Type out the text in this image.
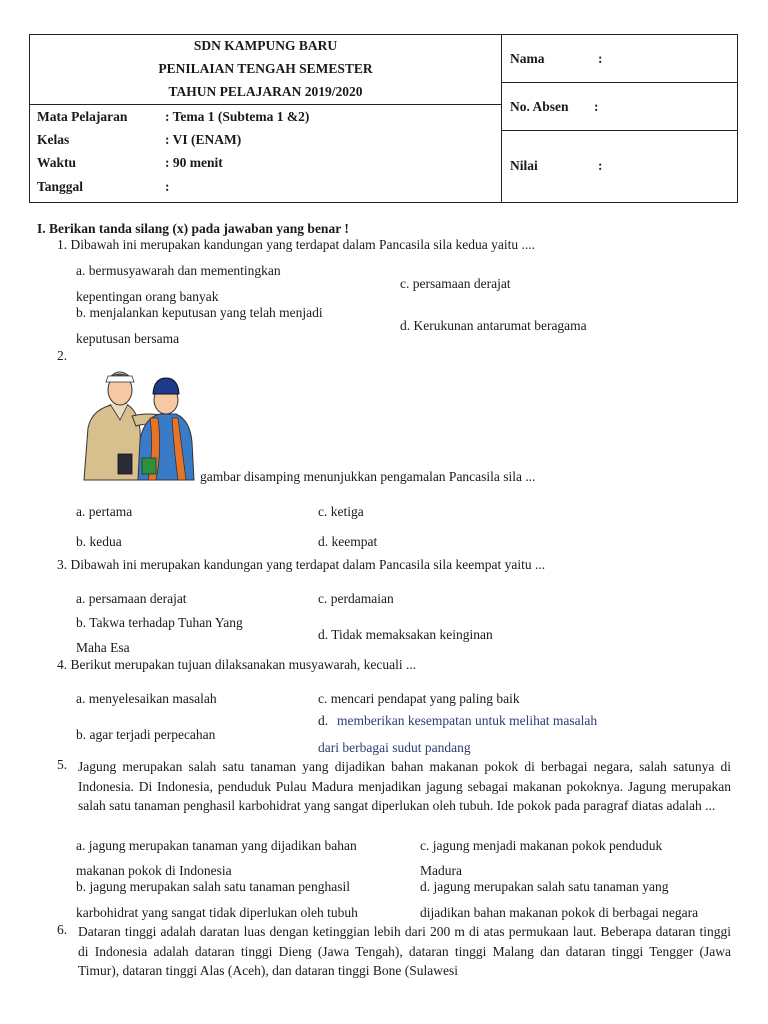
SDN KAMPUNG BARU
PENILAIAN TENGAH SEMESTER
TAHUN PELAJARAN 2019/2020
Mata Pelajaran	: Tema 1 (Subtema 1 &2)
Kelas	: VI (ENAM)
Waktu	: 90 menit
Tanggal	:
Nama	:
No. Absen :
Nilai	:
I. Berikan tanda silang (x) pada jawaban yang benar !
1. Dibawah ini merupakan kandungan yang terdapat dalam Pancasila sila kedua yaitu ....
a. bermusyawarah dan mementingkan
kepentingan orang banyak
b. menjalankan keputusan yang telah menjadi
keputusan bersama
c. persamaan derajat
d. Kerukunan antarumat beragama
2.
gambar disamping menunjukkan pengamalan Pancasila sila ...
a. pertama
b. kedua
c. ketiga
d. keempat
3. Dibawah ini merupakan kandungan yang terdapat dalam Pancasila sila keempat yaitu ...
a. persamaan derajat
b. Takwa terhadap Tuhan Yang
Maha Esa
c. perdamaian
d. Tidak memaksakan keinginan
4. Berikut merupakan tujuan dilaksanakan musyawarah, kecuali ...
a. menyelesaikan masalah
b. agar terjadi perpecahan
c. mencari pendapat yang paling baik
d. memberikan kesempatan untuk melihat masalah
dari berbagai sudut pandang
5. Jagung merupakan salah satu tanaman yang dijadikan bahan makanan pokok di berbagai negara, salah satunya di Indonesia. Di Indonesia, penduduk Pulau Madura menjadikan jagung sebagai makanan pokoknya. Jagung merupakan salah satu tanaman penghasil karbohidrat yang sangat diperlukan oleh tubuh. Ide pokok pada paragraf diatas adalah ...
a. jagung merupakan tanaman yang dijadikan bahan
makanan pokok di Indonesia
b. jagung merupakan salah satu tanaman penghasil
karbohidrat yang sangat tidak diperlukan oleh tubuh
c. jagung menjadi makanan pokok penduduk
Madura
d. jagung merupakan salah satu tanaman yang
dijadikan bahan makanan pokok di berbagai negara
6. Dataran tinggi adalah daratan luas dengan ketinggian lebih dari 200 m di atas permukaan laut. Beberapa dataran tinggi di Indonesia adalah dataran tinggi Dieng (Jawa Tengah), dataran tinggi Malang dan dataran tinggi Tengger (Jawa Timur), dataran tinggi Alas (Aceh), dan dataran tinggi Bone (Sulawesi
